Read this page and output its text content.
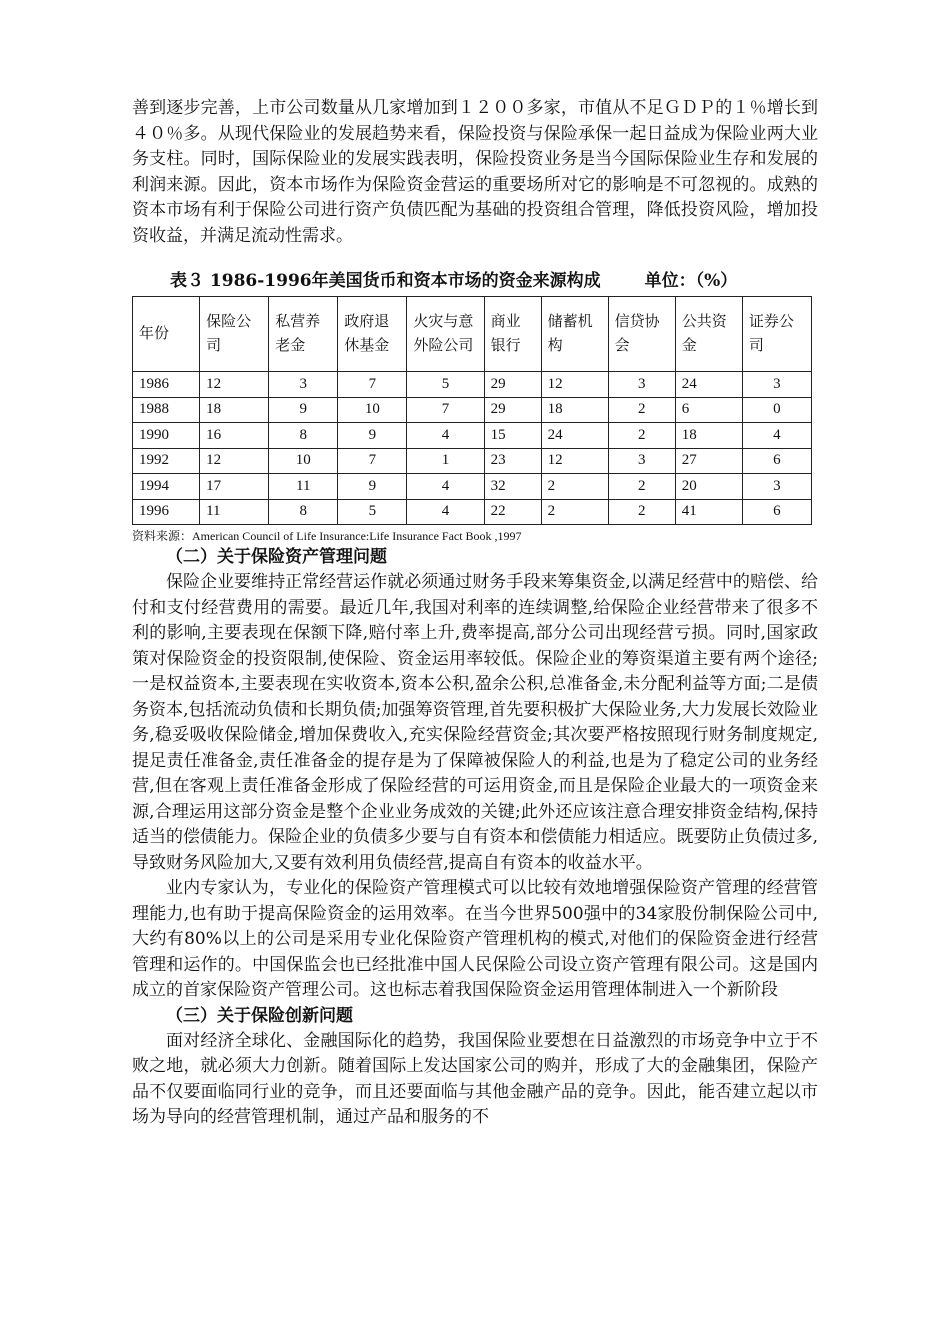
善到逐步完善，上市公司数量从几家增加到１２００多家，市值从不足ＧＤＰ的１％增长到４０％多。从现代保险业的发展趋势来看，保险投资与保险承保一起日益成为保险业两大业务支柱。同时，国际保险业的发展实践表明，保险投资业务是当今国际保险业生存和发展的利润来源。因此，资本市场作为保险资金营运的重要场所对它的影响是不可忽视的。成熟的资本市场有利于保险公司进行资产负债匹配为基础的投资组合管理，降低投资风险，增加投资收益，并满足流动性需求。

表３ 1986-1996年美国货币和资本市场的资金来源构成	单位：（%）
年份	保险公司	私营养老金	政府退休基金	火灾与意外险公司	商业银行	储蓄机构	信贷协会	公共资金	证券公司
1986	12	3	7	5	29	12	3	24	3
1988	18	9	10	7	29	18	2	6	0
1990	16	8	9	4	15	24	2	18	4
1992	12	10	7	1	23	12	3	27	6
1994	17	11	9	4	32	2	2	20	3
1996	11	8	5	4	22	2	2	41	6
资料来源：American Council of Life Insurance:Life Insurance Fact Book ,1997
（二）关于保险资产管理问题

保险企业要维持正常经营运作就必须通过财务手段来筹集资金,以满足经营中的赔偿、给付和支付经营费用的需要。最近几年,我国对利率的连续调整,给保险企业经营带来了很多不利的影响,主要表现在保额下降,赔付率上升,费率提高,部分公司出现经营亏损。同时,国家政策对保险资金的投资限制,使保险、资金运用率较低。保险企业的筹资渠道主要有两个途径;一是权益资本,主要表现在实收资本,资本公积,盈余公积,总准备金,未分配利益等方面;二是债务资本,包括流动负债和长期负债;加强筹资管理,首先要积极扩大保险业务,大力发展长效险业务,稳妥吸收保险储金,增加保费收入,充实保险经营资金;其次要严格按照现行财务制度规定,提足责任准备金,责任准备金的提存是为了保障被保险人的利益,也是为了稳定公司的业务经营,但在客观上责任准备金形成了保险经营的可运用资金,而且是保险企业最大的一项资金来源,合理运用这部分资金是整个企业业务成效的关键;此外还应该注意合理安排资金结构,保持适当的偿债能力。保险企业的负债多少要与自有资本和偿债能力相适应。既要防止负债过多,导致财务风险加大,又要有效利用负债经营,提高自有资本的收益水平。

业内专家认为，专业化的保险资产管理模式可以比较有效地增强保险资产管理的经营管理能力,也有助于提高保险资金的运用效率。在当今世界500强中的34家股份制保险公司中,大约有80%以上的公司是采用专业化保险资产管理机构的模式,对他们的保险资金进行经营管理和运作的。中国保监会也已经批准中国人民保险公司设立资产管理有限公司。这是国内成立的首家保险资产管理公司。这也标志着我国保险资金运用管理体制进入一个新阶段

（三）关于保险创新问题

面对经济全球化、金融国际化的趋势，我国保险业要想在日益激烈的市场竞争中立于不败之地，就必须大力创新。随着国际上发达国家公司的购并，形成了大的金融集团，保险产品不仅要面临同行业的竞争，而且还要面临与其他金融产品的竞争。因此，能否建立起以市场为导向的经营管理机制，通过产品和服务的不
